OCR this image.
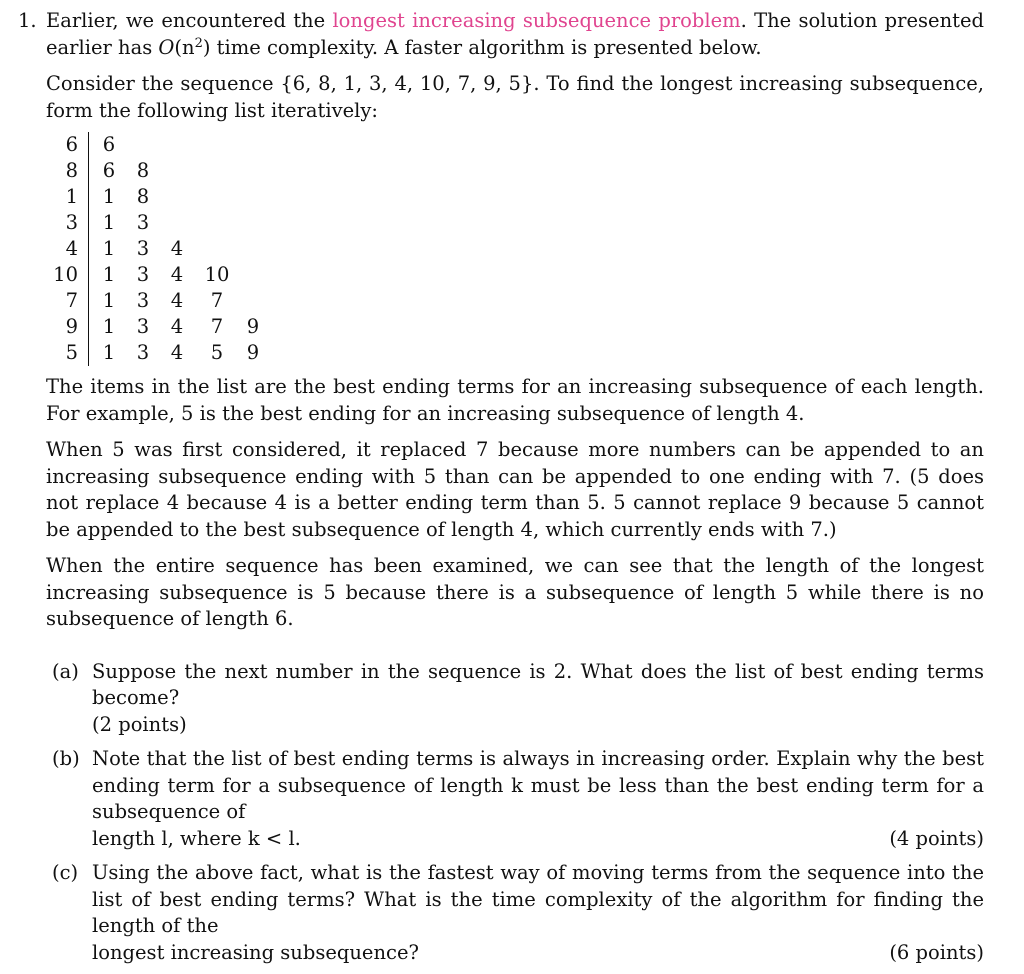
1. Earlier, we encountered the longest increasing subsequence problem. The solution presented earlier has $O(n^2)$ time complexity. A faster algorithm is presented below.

Consider the sequence {6, 8, 1, 3, 4, 10, 7, 9, 5}. To find the longest increasing subsequence, form the following list iteratively:

6	6
8	6	8
1	1	8
3	1	3
4	1	3	4
10	1	3	4	10
7	1	3	4	7
9	1	3	4	7	9
5	1	3	4	5	9

The items in the list are the best ending terms for an increasing subsequence of each length. For example, 5 is the best ending for an increasing subsequence of length 4.

When 5 was first considered, it replaced 7 because more numbers can be appended to an increasing subsequence ending with 5 than can be appended to one ending with 7. (5 does not replace 4 because 4 is a better ending term than 5. 5 cannot replace 9 because 5 cannot be appended to the best subsequence of length 4, which currently ends with 7.)

When the entire sequence has been examined, we can see that the length of the longest increasing subsequence is 5 because there is a subsequence of length 5 while there is no subsequence of length 6.

(a) Suppose the next number in the sequence is 2. What does the list of best ending terms become?

(2 points)

(b) Note that the list of best ending terms is always in increasing order. Explain why the best ending term for a subsequence of length k must be less than the best ending term for a subsequence of

length l, where k < l.	(4 points)
(c) Using the above fact, what is the fastest way of moving terms from the sequence into the list of best ending terms? What is the time complexity of the algorithm for finding the length of the

longest increasing subsequence?	(6 points)
